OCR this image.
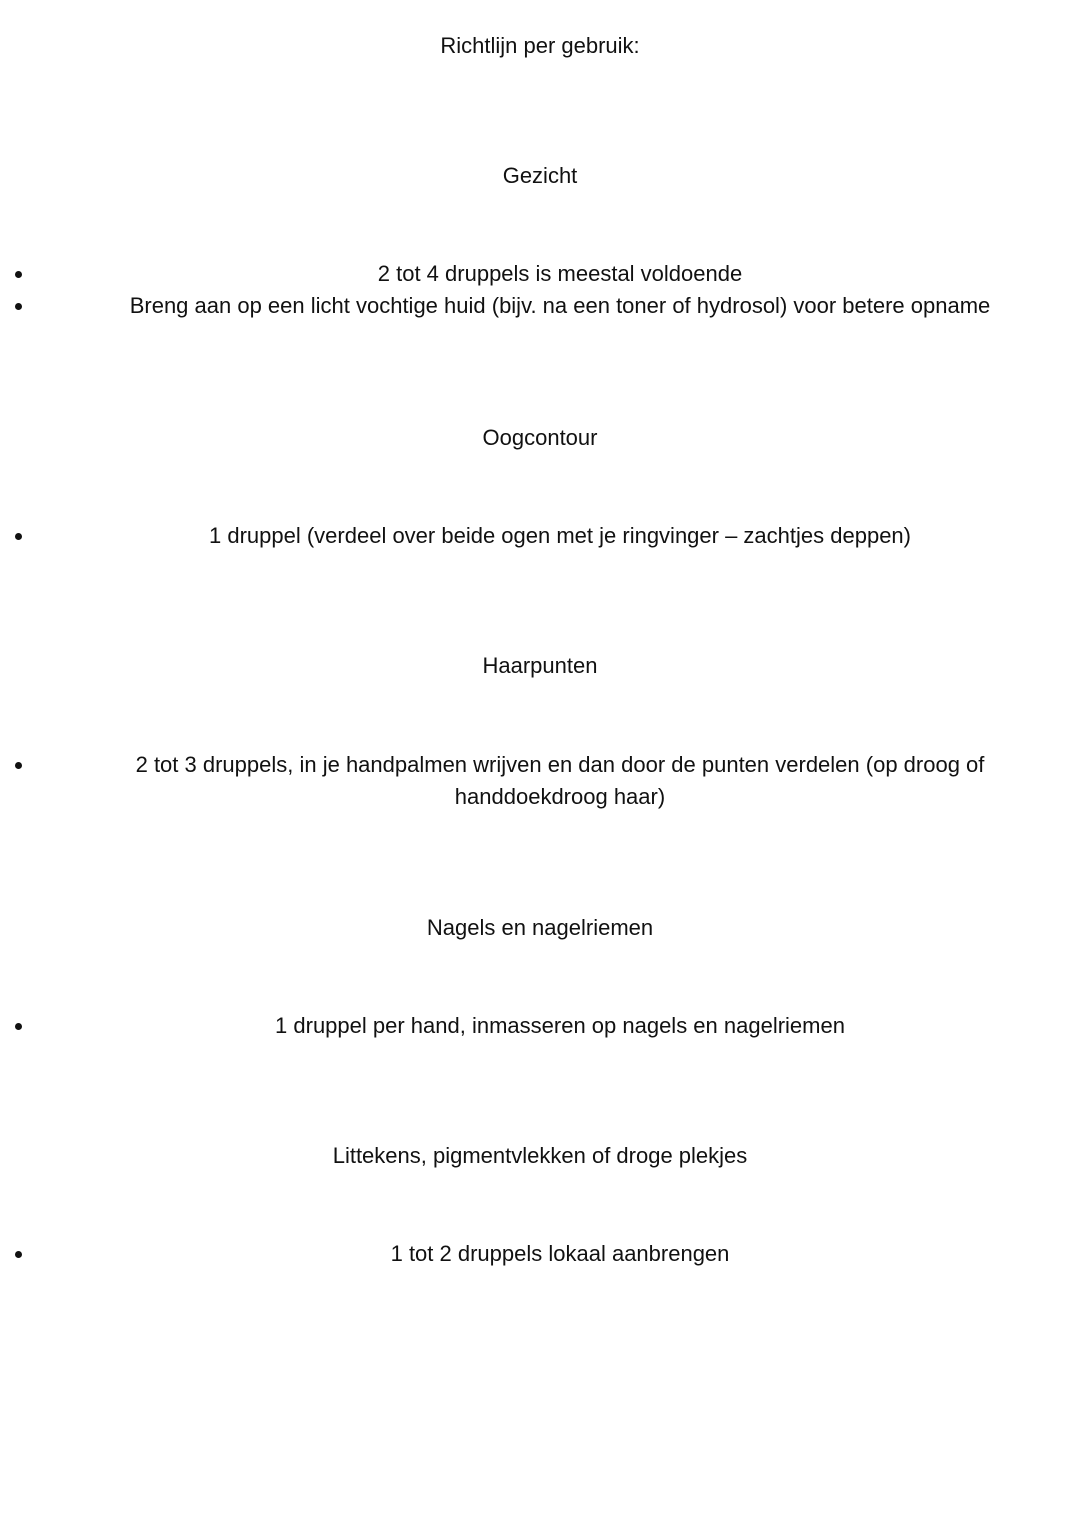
Richtlijn per gebruik:
Gezicht
2 tot 4 druppels is meestal voldoende
Breng aan op een licht vochtige huid (bijv. na een toner of hydrosol) voor betere opname
Oogcontour
1 druppel (verdeel over beide ogen met je ringvinger – zachtjes deppen)
Haarpunten
2 tot 3 druppels, in je handpalmen wrijven en dan door de punten verdelen (op droog of handdoekdroog haar)
Nagels en nagelriemen
1 druppel per hand, inmasseren op nagels en nagelriemen
Littekens, pigmentvlekken of droge plekjes
1 tot 2 druppels lokaal aanbrengen
